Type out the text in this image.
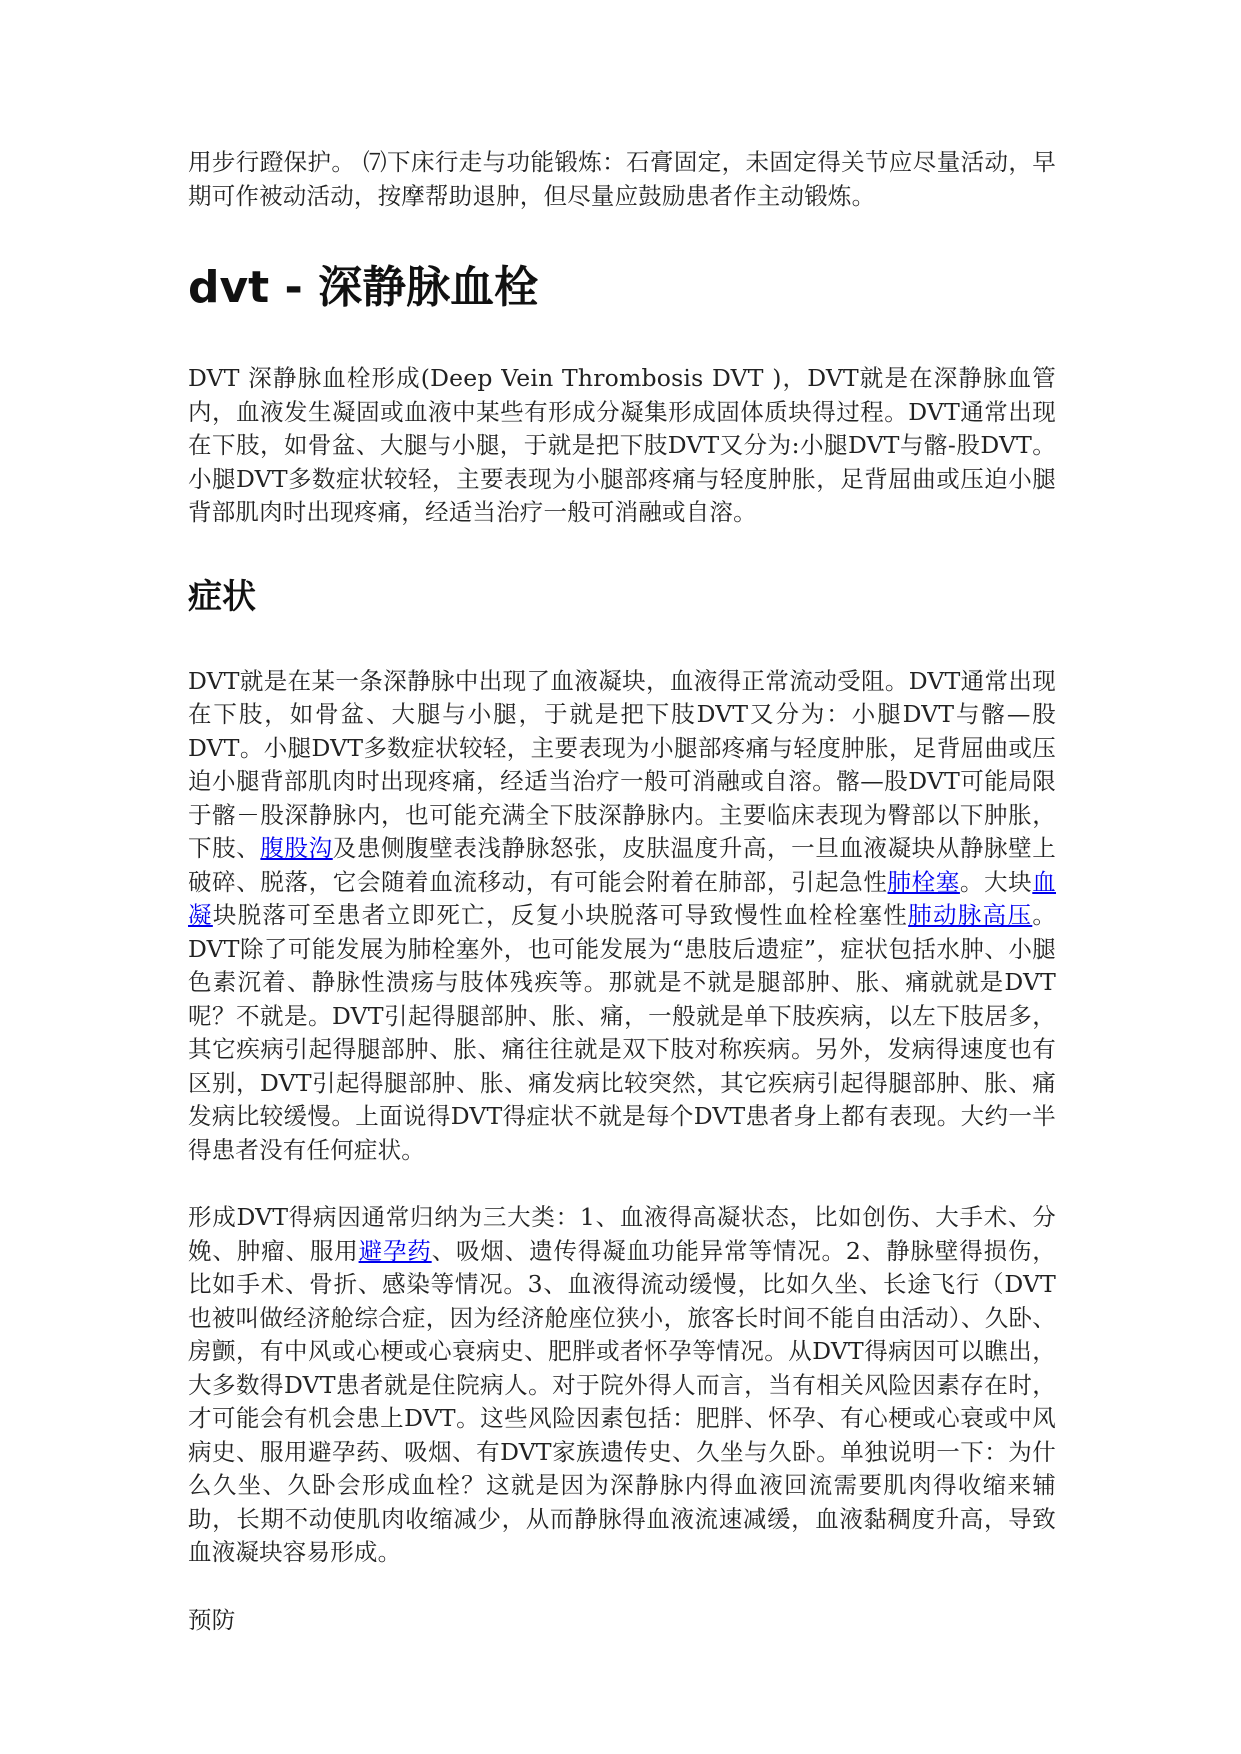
用步行蹬保护。 ⑺下床行走与功能锻炼：石膏固定，未固定得关节应尽量活动，早期可作被动活动，按摩帮助退肿，但尽量应鼓励患者作主动锻炼。

dvt - 深静脉血栓

DVT 深静脉血栓形成(Deep Vein Thrombosis DVT )，DVT就是在深静脉血管内，血液发生凝固或血液中某些有形成分凝集形成固体质块得过程。DVT通常出现在下肢，如骨盆、大腿与小腿，于就是把下肢DVT又分为:小腿DVT与髂-股DVT。小腿DVT多数症状较轻，主要表现为小腿部疼痛与轻度肿胀，足背屈曲或压迫小腿背部肌肉时出现疼痛，经适当治疗一般可消融或自溶。

症状

DVT就是在某一条深静脉中出现了血液凝块，血液得正常流动受阻。DVT通常出现在下肢，如骨盆、大腿与小腿，于就是把下肢DVT又分为：小腿DVT与髂—股DVT。小腿DVT多数症状较轻，主要表现为小腿部疼痛与轻度肿胀，足背屈曲或压迫小腿背部肌肉时出现疼痛，经适当治疗一般可消融或自溶。髂—股DVT可能局限于髂－股深静脉内，也可能充满全下肢深静脉内。主要临床表现为臀部以下肿胀，下肢、腹股沟及患侧腹壁表浅静脉怒张，皮肤温度升高，一旦血液凝块从静脉壁上破碎、脱落，它会随着血流移动，有可能会附着在肺部，引起急性肺栓塞。大块血凝块脱落可至患者立即死亡，反复小块脱落可导致慢性血栓栓塞性肺动脉高压。DVT除了可能发展为肺栓塞外，也可能发展为“患肢后遗症”，症状包括水肿、小腿色素沉着、静脉性溃疡与肢体残疾等。那就是不就是腿部肿、胀、痛就就是DVT呢？不就是。DVT引起得腿部肿、胀、痛，一般就是单下肢疾病，以左下肢居多，其它疾病引起得腿部肿、胀、痛往往就是双下肢对称疾病。另外，发病得速度也有区别，DVT引起得腿部肿、胀、痛发病比较突然，其它疾病引起得腿部肿、胀、痛发病比较缓慢。上面说得DVT得症状不就是每个DVT患者身上都有表现。大约一半得患者没有任何症状。

形成DVT得病因通常归纳为三大类：1、血液得高凝状态，比如创伤、大手术、分娩、肿瘤、服用避孕药、吸烟、遗传得凝血功能异常等情况。2、静脉壁得损伤，比如手术、骨折、感染等情况。3、血液得流动缓慢，比如久坐、长途飞行（DVT也被叫做经济舱综合症，因为经济舱座位狭小，旅客长时间不能自由活动）、久卧、房颤，有中风或心梗或心衰病史、肥胖或者怀孕等情况。从DVT得病因可以瞧出，大多数得DVT患者就是住院病人。对于院外得人而言，当有相关风险因素存在时，才可能会有机会患上DVT。这些风险因素包括：肥胖、怀孕、有心梗或心衰或中风病史、服用避孕药、吸烟、有DVT家族遗传史、久坐与久卧。单独说明一下：为什么久坐、久卧会形成血栓？这就是因为深静脉内得血液回流需要肌肉得收缩来辅助，长期不动使肌肉收缩减少，从而静脉得血液流速减缓，血液黏稠度升高，导致血液凝块容易形成。

预防
